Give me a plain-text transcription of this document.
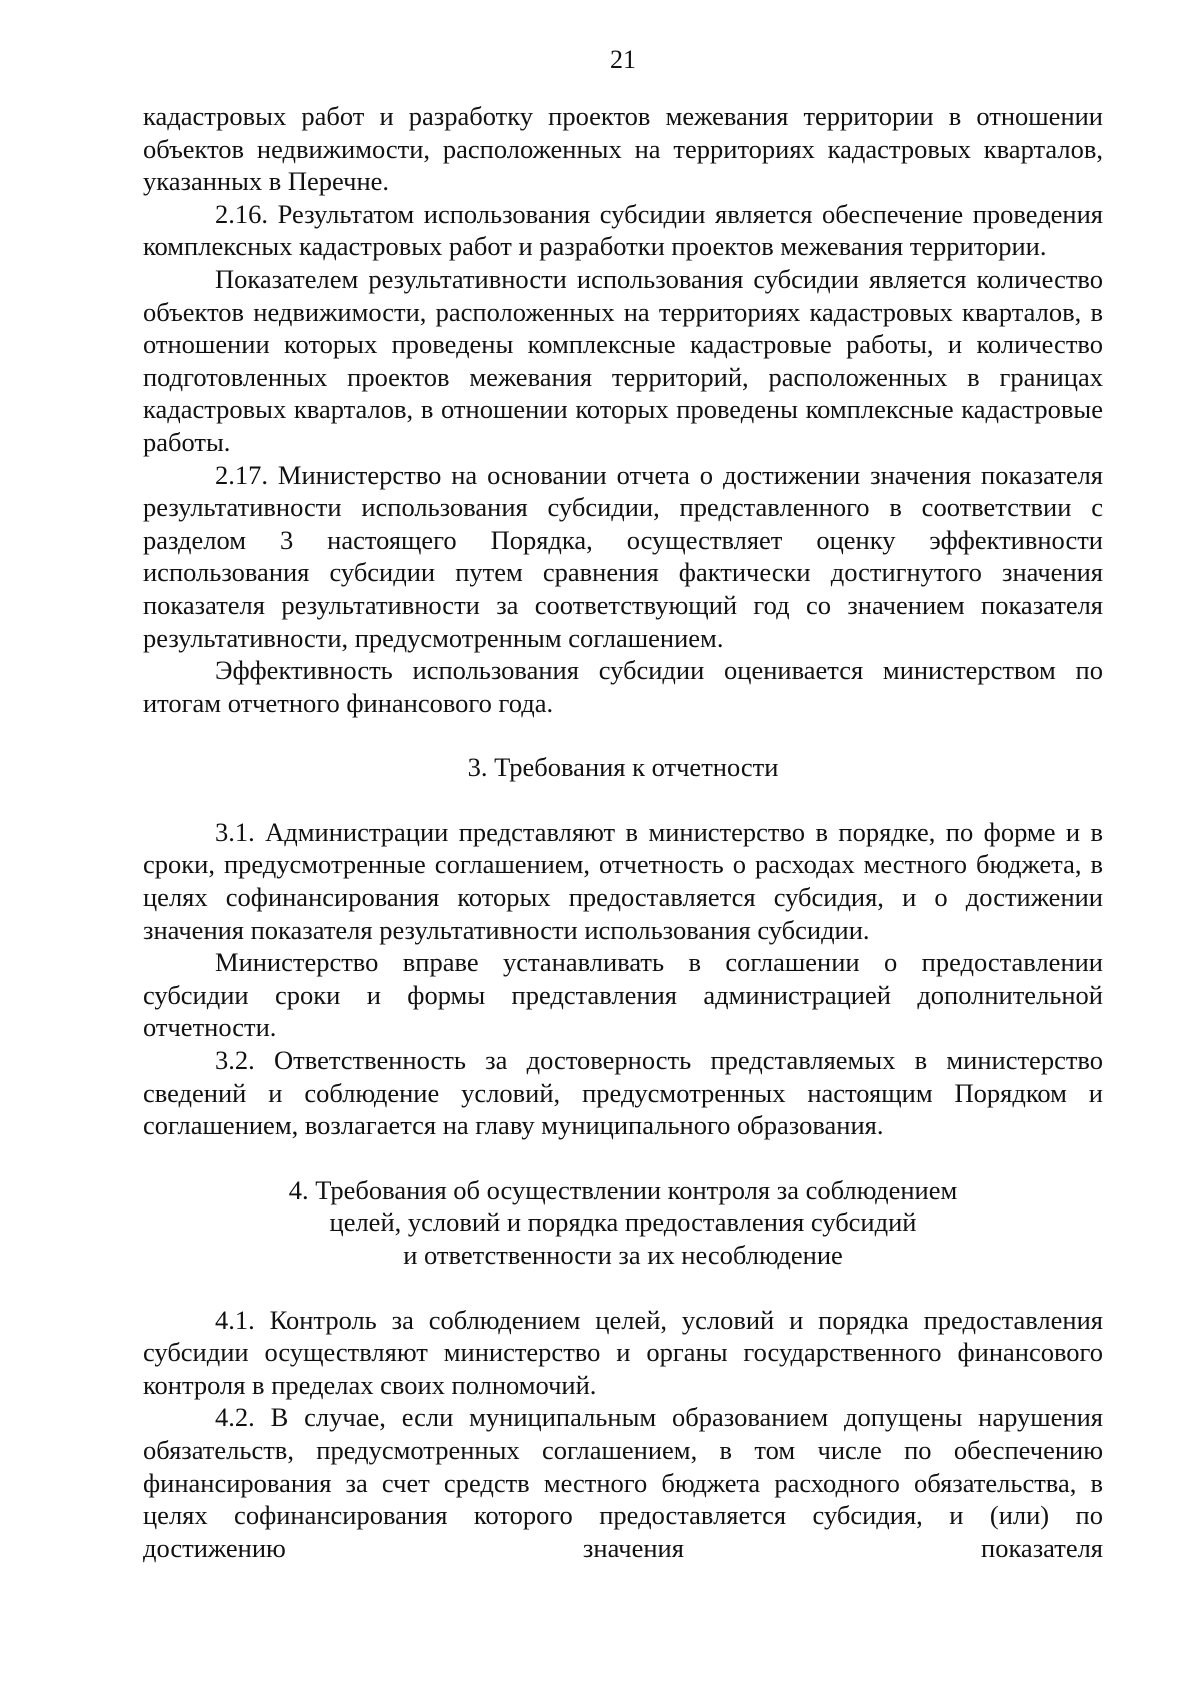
21

кадастровых работ и разработку проектов межевания территории в отношении объектов недвижимости, расположенных на территориях кадастровых кварталов, указанных в Перечне.

2.16. Результатом использования субсидии является обеспечение проведения комплексных кадастровых работ и разработки проектов межевания территории.

Показателем результативности использования субсидии является количество объектов недвижимости, расположенных на территориях кадастровых кварталов, в отношении которых проведены комплексные кадастровые работы, и количество подготовленных проектов межевания территорий, расположенных в границах кадастровых кварталов, в отношении которых проведены комплексные кадастровые работы.

2.17. Министерство на основании отчета о достижении значения показателя результативности использования субсидии, представленного в соответствии с разделом 3 настоящего Порядка, осуществляет оценку эффективности использования субсидии путем сравнения фактически достигнутого значения показателя результативности за соответствующий год со значением показателя результативности, предусмотренным соглашением.

Эффективность использования субсидии оценивается министерством по итогам отчетного финансового года.

3. Требования к отчетности

3.1. Администрации представляют в министерство в порядке, по форме и в сроки, предусмотренные соглашением, отчетность о расходах местного бюджета, в целях софинансирования которых предоставляется субсидия, и о достижении значения показателя результативности использования субсидии.

Министерство вправе устанавливать в соглашении о предоставлении субсидии сроки и формы представления администрацией дополнительной отчетности.

3.2. Ответственность за достоверность представляемых в министерство сведений и соблюдение условий, предусмотренных настоящим Порядком и соглашением, возлагается на главу муниципального образования.

4. Требования об осуществлении контроля за соблюдением
целей, условий и порядка предоставления субсидий
и ответственности за их несоблюдение

4.1. Контроль за соблюдением целей, условий и порядка предоставления субсидии осуществляют министерство и органы государственного финансового контроля в пределах своих полномочий.

4.2. В случае, если муниципальным образованием допущены нарушения обязательств, предусмотренных соглашением, в том числе по обеспечению финансирования за счет средств местного бюджета расходного обязательства, в целях софинансирования которого предоставляется субсидия, и (или) по достижению значения показателя
